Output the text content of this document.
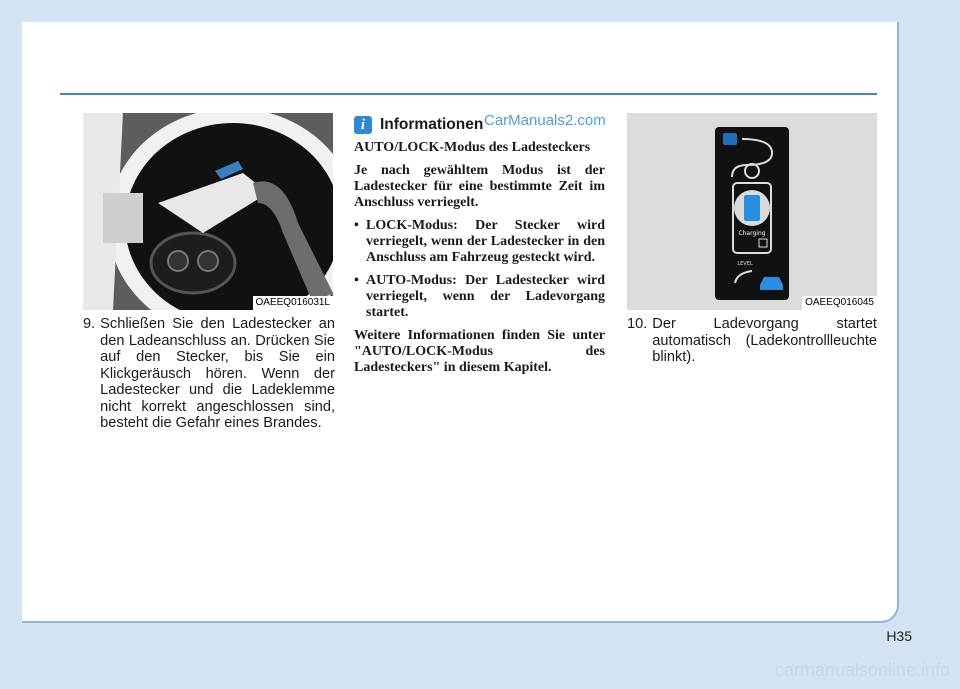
OAEEQ016031L
9. Schließen Sie den Ladestecker an den Ladeanschluss an. Drücken Sie auf den Stecker, bis Sie ein Klickgeräusch hören. Wenn der Ladestecker und die Ladeklemme nicht korrekt angeschlossen sind, besteht die Gefahr eines Brandes.
i Informationen

AUTO/LOCK-Modus des Ladesteckers

Je nach gewähltem Modus ist der Ladestecker für eine bestimmte Zeit im Anschluss verriegelt.

• LOCK-Modus: Der Stecker wird verriegelt, wenn der Ladestecker in den Anschluss am Fahrzeug gesteckt wird.
• AUTO-Modus: Der Ladestecker wird verriegelt, wenn der Ladevorgang startet.

Weitere Informationen finden Sie unter "AUTO/LOCK-Modus des Ladesteckers" in diesem Kapitel.

CarManuals2.com
Charging
LEVEL
OAEEQ016045
10. Der Ladevorgang startet automatisch (Ladekontrollleuchte blinkt).
H35
carmanualsonline.info
